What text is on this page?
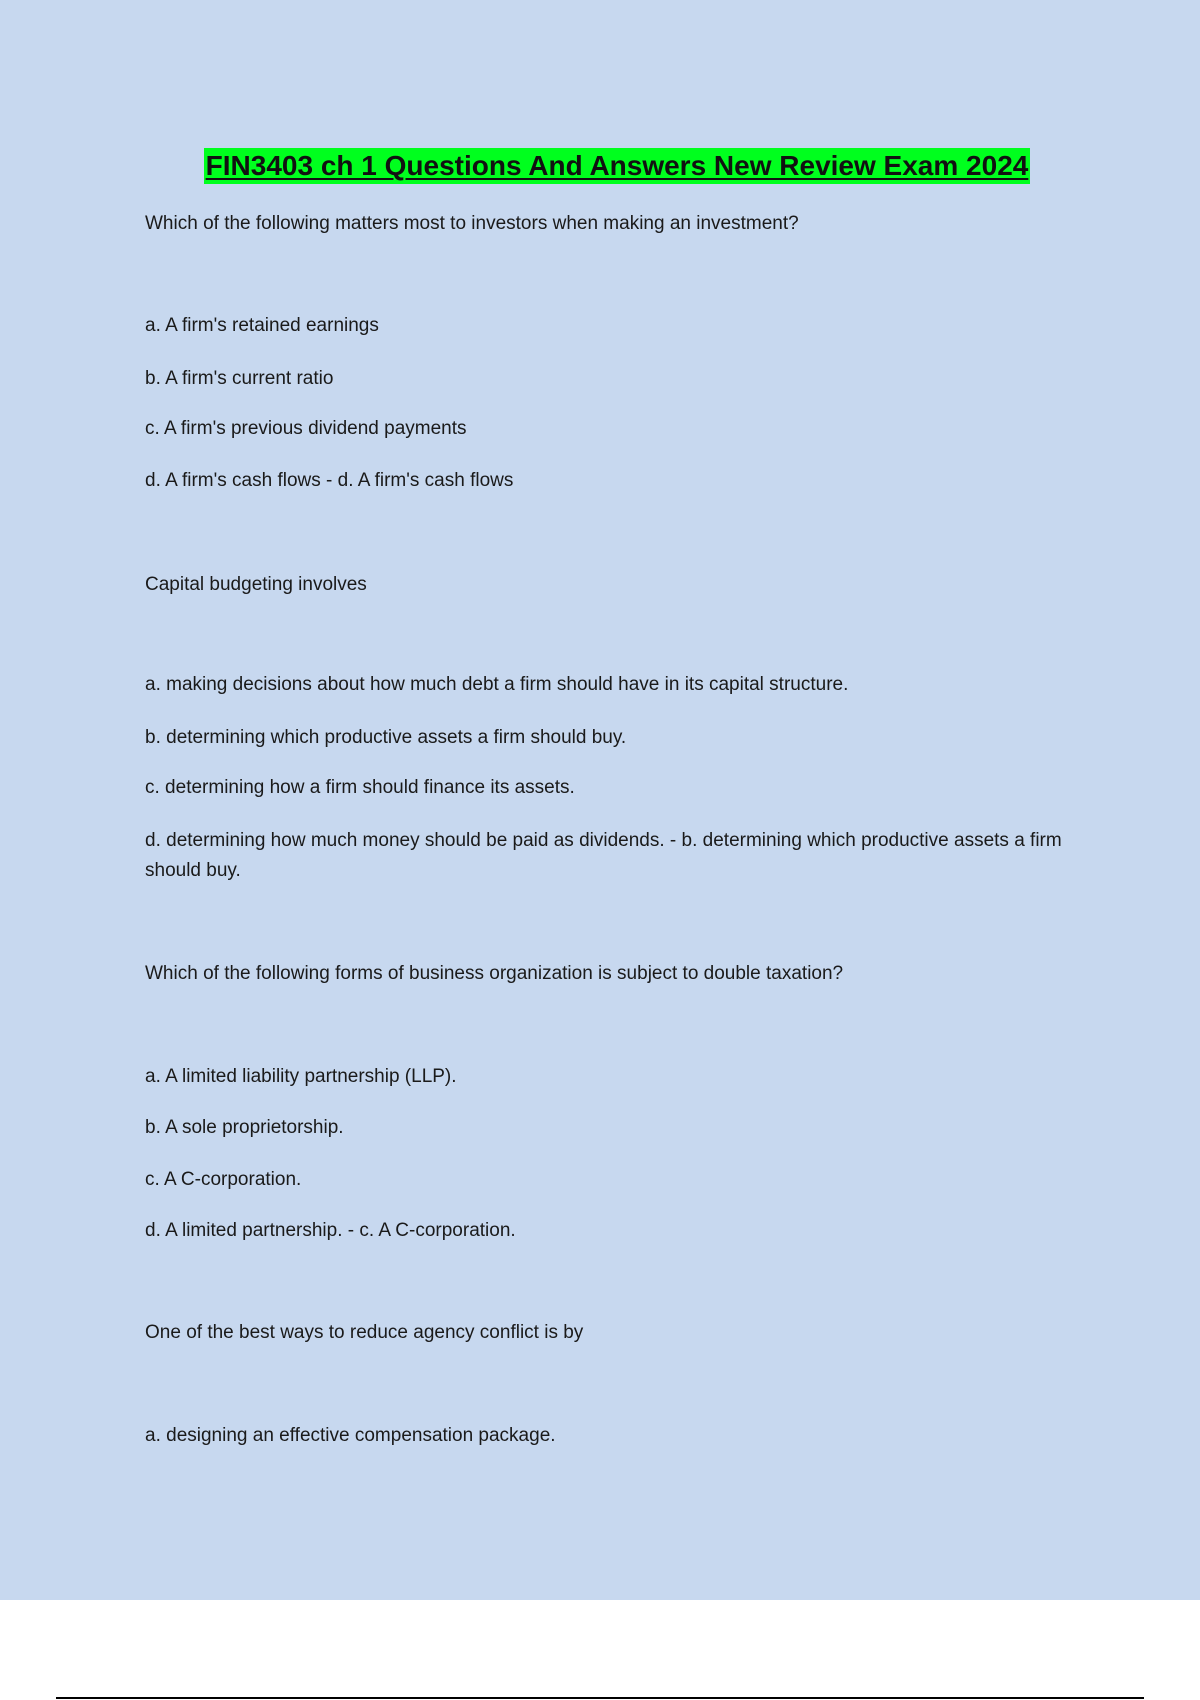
FIN3403 ch 1 Questions And Answers New Review Exam 2024
Which of the following matters most to investors when making an investment?
a. A firm's retained earnings
b. A firm's current ratio
c. A firm's previous dividend payments
d. A firm's cash flows - d. A firm's cash flows
Capital budgeting involves
a. making decisions about how much debt a firm should have in its capital structure.
b. determining which productive assets a firm should buy.
c. determining how a firm should finance its assets.
d. determining how much money should be paid as dividends. - b. determining which productive assets a firm should buy.
Which of the following forms of business organization is subject to double taxation?
a. A limited liability partnership (LLP).
b. A sole proprietorship.
c. A C-corporation.
d. A limited partnership. - c. A C-corporation.
One of the best ways to reduce agency conflict is by
a. designing an effective compensation package.
